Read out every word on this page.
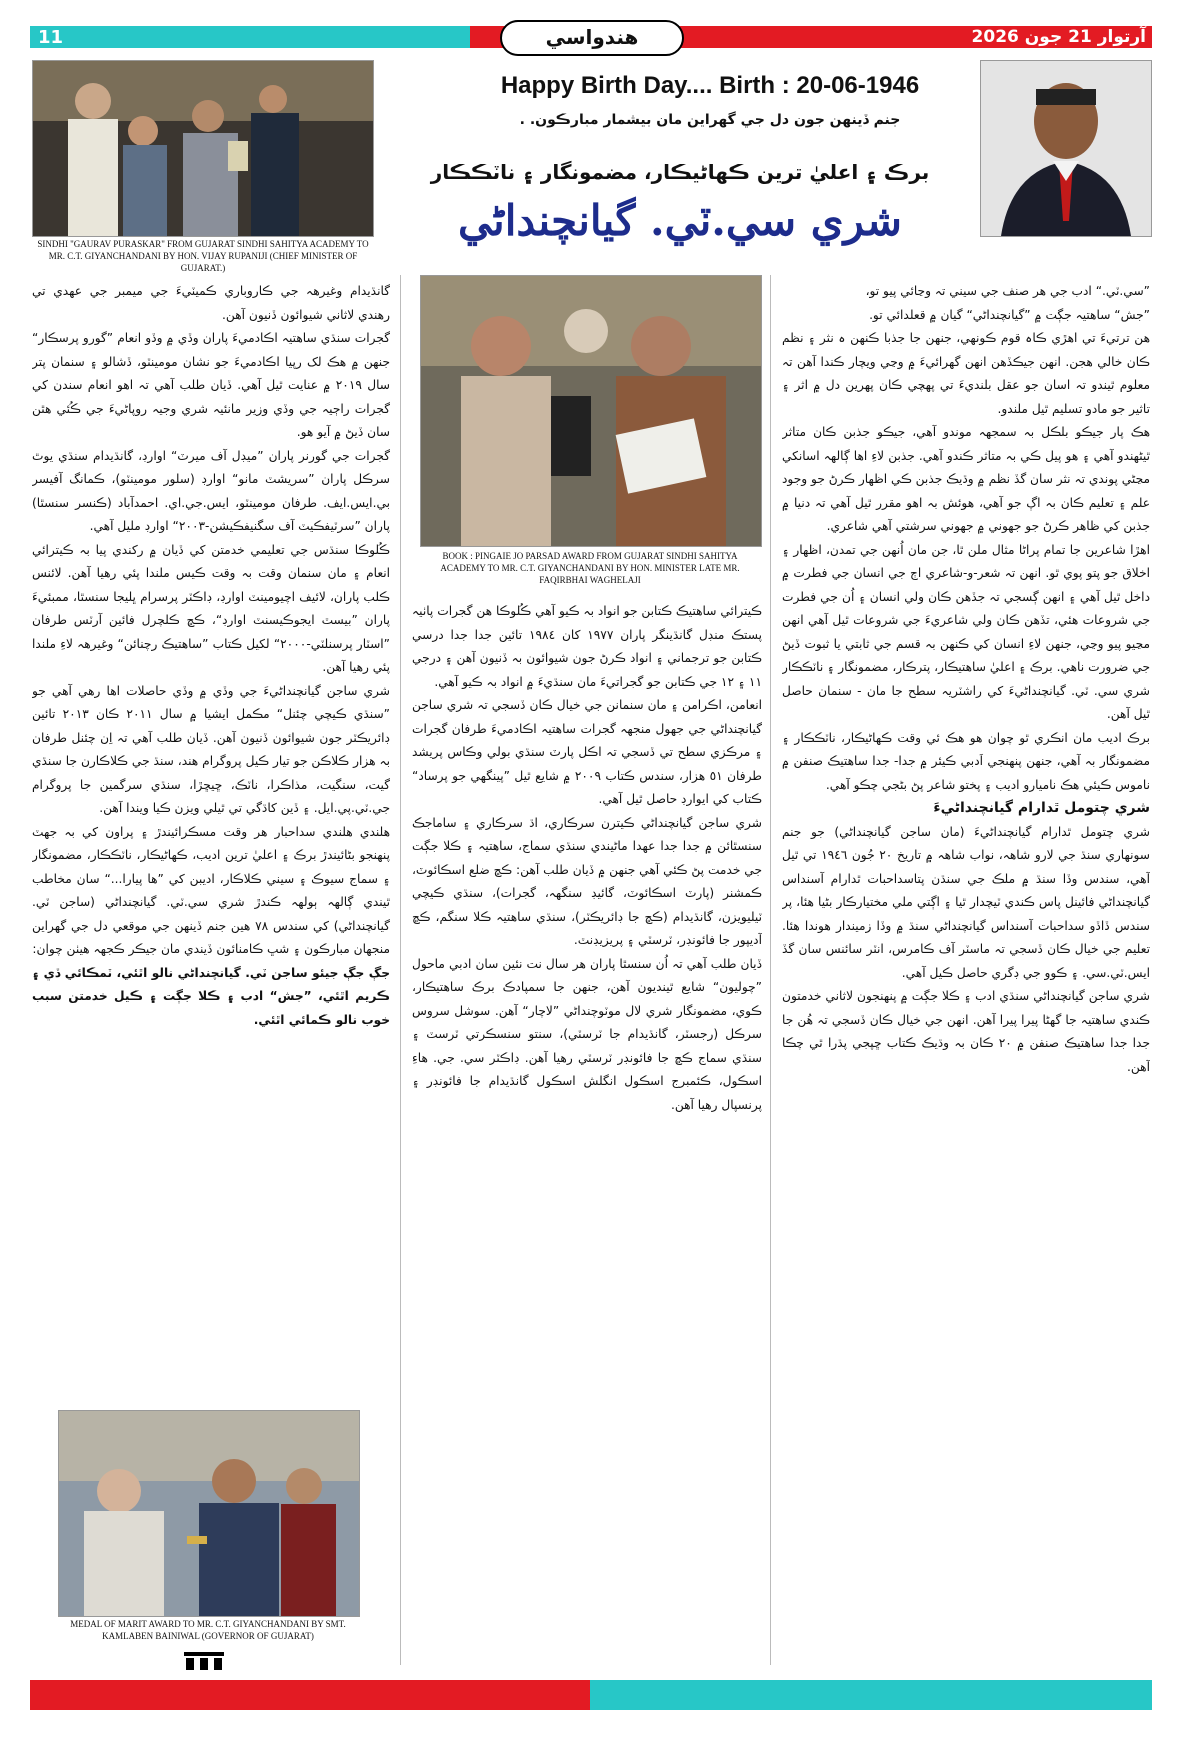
11	هندواسي	آرتوار 21 جون 2026
SINDHI "GAURAV PURASKAR" FROM GUJARAT SINDHI SAHITYA ACADEMY TO MR. C.T. GIYANCHANDANI BY HON. VIJAY RUPANIJI (CHIEF MINISTER OF GUJARAT.)
Happy Birth Day.... Birth : 20-06-1946
جنم ڏينهن جون دل جي گهراين مان بيشمار مبارڪون. .
برڪ ۽ اعليٰ ترين ڪهاڻيڪار، مضمونگار ۽ ناٽڪڪار
شري سي.ٽي. گيانچنداڻي
BOOK : PINGAIE JO PARSAD AWARD FROM GUJARAT SINDHI SAHITYA ACADEMY TO MR. C.T. GIYANCHANDANI BY HON. MINISTER LATE MR. FAQIRBHAI WAGHELAJI
MEDAL OF MARIT AWARD TO MR. C.T. GIYANCHANDANI BY SMT. KAMLABEN BAINIWAL (GOVERNOR OF GUJARAT)

”سي.ٽي.“ ادب جي هر صنف جي سيني تہ وڃائي پيو تو،

”جش“ ساهتيہ جڳت ۾ ”گيانچنداڻي“ گيان ۾ قعلدائي تو.

هن ترتيءَ تي اهڙي ڪاہ قوم ڪونهي، جنهن جا جذبا ڪنهن ہ نثر ۽ نظم ڪان خالي هجن. انهن جيڪڏهن انهن گهرائيءَ ۾ وڃي ويچار ڪندا آهن تہ معلوم ٿيندو تہ اسان جو عقل بلنديءَ تي پهچي ڪان پهرين دل ۾ اثر ۽ تاثير جو مادو تسليم ٿيل ملندو.

هڪ پار جيڪو بلڪل بہ سمجهہ موندو آهي، جيڪو جذبن ڪان متاثر ٿيڻهندو آهي ۽ هو پيل ڪي بہ متاثر ڪندو آهي. جذبن لاءِ اها ڳالهہ اسانکي مڃڻي پوندي تہ نثر سان گڏ نظم ۾ وڌيڪ جذبن ڪي اظهار ڪرڻ جو وجود علم ۽ تعليم ڪان بہ اڳ جو آهي، هوئش بہ اهو مقرر ٿيل آهي تہ دنيا ۾ جذبن کي ظاهر ڪرڻ جو جهوني ۾ جهوني سرشتي آهي شاعري.

اهڙا شاعرين جا تمام پراڻا مثال ملن ٿا، جن مان اُنهن جي تمدن، اظهار ۽ اخلاق جو پتو پوي ٿو. انهن تہ شعر-و-شاعري اڄ جي انسان جي فطرت ۾ داخل ٿيل آهي ۽ انهن ڳسجي تہ جڏهن ڪان ولي انسان ۽ اُن جي فطرت جي شروعات هئي، تڏهن ڪان ولي شاعريءَ جي شروعات ٿيل آهي انهن مڃيو پيو وڃي، جنهن لاءِ انسان کي ڪنهن بہ قسم جي ثابتي يا ثبوت ڏيڻ جي ضرورت ناهي. برڪ ۽ اعليٰ ساهتيڪار، پترڪار، مضمونگار ۽ ناٽڪڪار شري سي. ٽي. گيانچنداڻيءَ کي راشٽريہ سطح جا مان - سنمان حاصل ٿيل آهن.

برڪ اديب مان انڪري ٿو چوان هو هڪ ئي وقت ڪهاڻيڪار، ناٽڪڪار ۽ مضمونگار بہ آهي، جنهن پنهنجي اَدبي ڪيئر ۾ جدا- جدا ساهتيڪ صنفن ۾ ناموس ڪيئي هڪ ناميارو اديب ۽ پختو شاعر پڻ بڻجي چڪو آهي.

شري چتومل ٿدارام گيانچنداڻيءَ

شري چتومل ٿدارام گيانچنداڻيءَ (مان ساجن گيانچنداڻي) جو جنم سونهاري سنڌ جي لارو شاهہ، نواب شاهہ ۾ تاريخ ٢٠ جُون ١٩٤٦ تي ٿيل آهي، سندس وڏا سنڌ ۾ ملڪ جي سنڌن پتاسداحبات ٿدارام آسنداس گيانچنداڻي فائينل پاس ڪندي ٽيچدار ٿيا ۽ اڳتي ملي مختيارڪار بڻيا هئا، پر سندس ڏاڏو سداحبات آسنداس گيانچنداڻي سنڌ ۾ وڏا زميندار هوندا هئا. تعليم جي خيال ڪان ڏسجي تہ ماسٽر آف ڪامرس، انٽر سائنس سان گڏ ايس.ٽي.سي. ۽ ڪوو جي ڊگري حاصل ڪيل آهي.

شري ساجن گيانچنداڻي سنڌي ادب ۽ ڪلا جڳت ۾ پنهنجون لاثاني خدمتون ڪندي ساهتيہ جا گهڻا پيرا پيرا آهن. انهن جي خيال ڪان ڏسجي تہ هُن جا جدا جدا ساهتيڪ صنفن ۾ ٢٠ ڪان بہ وڌيڪ ڪتاب ڇپجي پڌرا ٿي چڪا آهن.

ڪيترائي ساهتيڪ ڪتابن جو انواد بہ ڪيو آهي ڪُلوڪا هن گجرات پاٺيہ پستڪ منڊل گانڌينگر پاران ١٩٧٧ کان ١٩٨٤ تائين جدا جدا درسي ڪتابن جو ترجماني ۽ انواد ڪرڻ جون شيوائون بہ ڏنيون آهن ۽ درجي ١١ ۽ ١٢ جي ڪتابن جو گجراتيءَ مان سنڌيءَ ۾ انواد بہ ڪيو آهي.

انعامن، اڪرامن ۽ مان سنمانن جي خيال ڪان ڏسجي تہ شري ساجن گيانچنداڻي جي جهول منجهہ گجرات ساهتيہ اڪادميءَ طرفان گجرات ۽ مرڪزي سطح تي ڏسجي تہ اڪل پارٽ سنڌي بولي وڪاس پريشد طرفان ٥١ هزار، سندس ڪتاب ٢٠٠٩ ۾ شايع ٿيل ”پينگهي جو پرساد“ ڪتاب کي ايوارڊ حاصل ٿيل آهي.

شري ساجن گيانچنداڻي ڪيترن سرڪاري، اڌ سرڪاري ۽ ساماجڪ سنسٿائن ۾ جدا جدا عهدا ماڻيندي سنڌي سماج، ساهتيہ ۽ ڪلا جڳت جي خدمت پڻ ڪئي آهي جنهن ۾ ڏيان طلب آهن: ڪڇ ضلع اسڪائوٽ، ڪمشنر (پارٽ اسڪائوٽ، گائيڊ سنگهہ، گجرات)، سنڌي ڪيچي ٽيليويزن، گانڌيدام (ڪڇ جا ڊائريڪٽر)، سنڌي ساهتيہ ڪلا سنگم، ڪڇ آديپور جا فائونڊر، ٽرسٽي ۽ پريزيڊنٽ.

ڏيان طلب آهي تہ اُن سنسٿا پاران هر سال نت نئين سان ادبي ماحول ”چوليون“ شايع ٿينديون آهن، جنهن جا سمپادڪ برڪ ساهتيڪار، ڪوي، مضمونگار شري لال موٽوچنداڻي ”لاچار“ آهن. سوشل سروس سرڪل (رجسٽر، گانڌيدام جا ٽرسٽي)، سنتو سنسڪرتي ٽرسٽ ۽ سنڌي سماج ڪڇ جا فائونڊر ٽرسٽي رهيا آهن. ڊاڪٽر سي. جي. هاءِ اسڪول، ڪئمبرج اسڪول انگلش اسڪول گانڌيدام جا فائونڊر ۽ پرنسپال رهيا آهن.

گانڌيدام وغيرهہ جي ڪاروباري ڪميٽيءَ جي ميمبر جي عهدي تي رهندي لاثاني شيوائون ڏنيون آهن.

گجرات سنڌي ساهتيہ اڪادميءَ پاران وڏي ۾ وڏو انعام ”گورو پرسڪار“ جنهن ۾ هڪ لک رپيا اڪادميءَ جو نشان مومينٽو، ڏشالو ۽ سنمان پتر سال ٢٠١٩ ۾ عنايت ٿيل آهي. ڏيان طلب آهي تہ اهو انعام سندن کي گجرات راڄيہ جي وڏي وزير مانئيہ شري وجيہ روپاڻيءَ جي ڪُئي هٿن سان ڏيڻ ۾ آيو هو.

گجرات جي گورنر پاران ”ميڊل آف ميرٽ“ اوارڊ، گانڌيدام سنڌي يوٿ سرڪل پاران ”سريشٽ مانو“ اوارڊ (سلور مومينٽو)، ڪمانگ آفيسر بي.ايس.ايف. طرفان مومينٽو، ايس.جي.اي. احمدآباد (ڪنسر سنسٿا) پاران ”سرٽيفڪيٽ آف سگنيفڪيشن-٢٠٠٣“ اوارڊ مليل آهي.

ڪُلوڪا سنڌس جي تعليمي خدمتن کي ڏيان ۾ رکندي پيا بہ ڪيترائي انعام ۽ مان سنمان وقت بہ وقت ڪيس ملندا پئي رهيا آهن. لائنس ڪلب پاران، لائيف اچيومينٽ اوارڊ، ڊاڪٽر پرسرام ڀليجا سنسٿا، ممبئيءَ پاران ”بيسٽ ايجوڪيسنٽ اوارڊ“، ڪڇ ڪلچرل فائين آرٽس طرفان ”اسٽار پرسنلٽي-٢٠٠٠“ لکيل ڪتاب ”ساهتيڪ رچنائن“ وغيرهہ لاءِ ملندا پئي رهيا آهن.

شري ساجن گيانچنداڻيءَ جي وڏي ۾ وڏي حاصلات اها رهي آهي جو ”سنڌي ڪيچي چئنل“ مڪمل ايشيا ۾ سال ٢٠١١ ڪان ٢٠١٣ تائين ڊائريڪٽر جون شيوائون ڏنيون آهن. ڏيان طلب آهي تہ اِن چئنل طرفان بہ هزار ڪلاڪن جو تيار ڪيل پروگرام هند، سنڌ جي ڪلاڪارن جا سنڌي گيت، سنگيت، مذاڪرا، ناٽڪ، ڇيڇڙا، سنڌي سرگمين جا پروگرام جي.ٽي.پي.ايل. ۽ ڏين کاڌگي تي ٿيلي ويزن ڪيا ويندا آهن.

هلندي هلندي سداحبار هر وقت مسڪرائيندڙ ۽ پراون کي بہ جهٽ پنهنجو بڻائيندڙ برڪ ۽ اعليٰ ترين اديب، ڪهاڻيڪار، ناٽڪڪار، مضمونگار ۽ سماج سيوڪ ۽ سيني ڪلاڪار، اديبن کي ”ها پيارا...“ سان مخاطب ٿيندي ڳالهہ ٻولهہ ڪندڙ شري سي.ٽي. گيانچنداڻي (ساجن ٽي. گيانچنداڻي) کي سندس ٧٨ هين جنم ڏينهن جي موقعي دل جي گهراين منجهان مبارڪون ۽ شڀ ڪامنائون ڏيندي مان جيڪر ڪجهہ هيٺن چوان:

جڳ جڳ جيئو ساجن ٽي. گيانچنداڻي نالو اٿئي، ٽمڪائي ڏي ۽ ڪريم اٿئي، ”جش“ ادب ۽ ڪلا جڳت ۽ ڪيل خدمتن سبب خوب نالو ڪمائي اٿئي.
